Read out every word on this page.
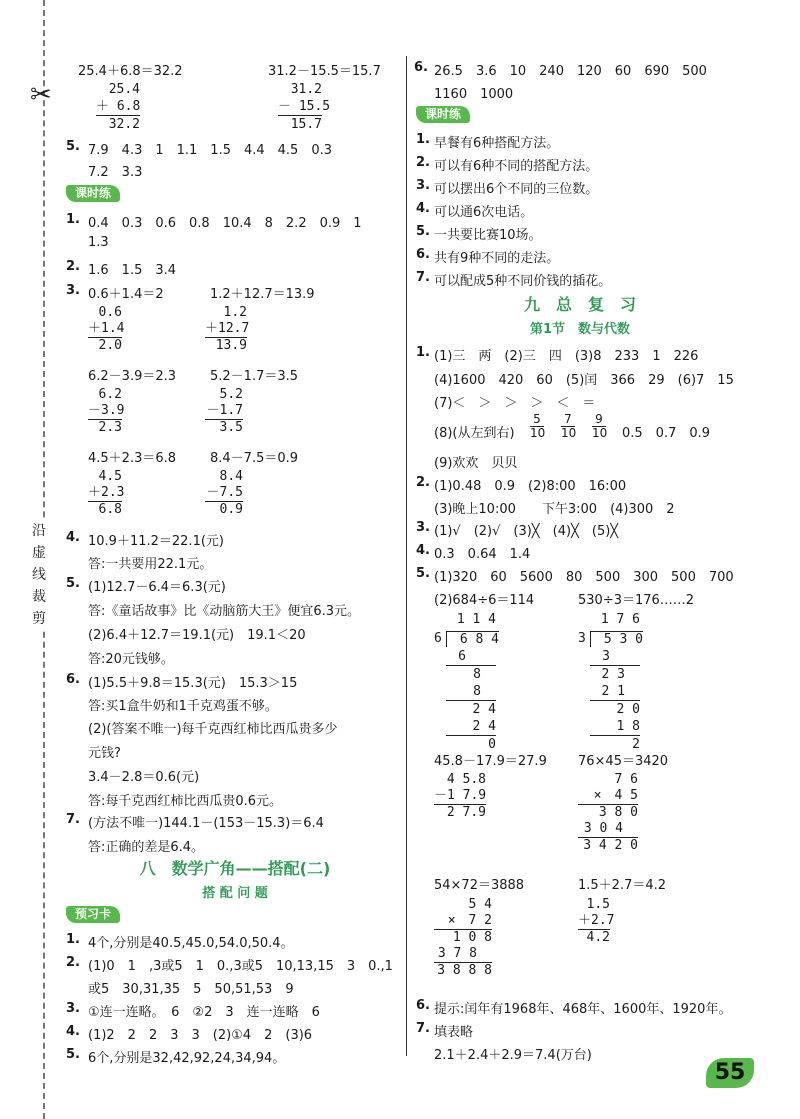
✂
沿虚线裁剪
25.4＋6.8＝32.2	31.2－15.5＝15.7
25.4
＋ 6.8
32.2
31.2
－ 15.5
15.7
5. 7.9　4.3　1　1.1　1.5　4.4　4.5　0.3
7.2　3.3
课时练
1. 0.4　0.3　0.6　0.8　10.4　8　2.2　0.9　1
1.3
2. 1.6　1.5　3.4
3. 0.6＋1.4＝2	1.2＋12.7＝13.9
0.6
＋1.4
2.0
1.2
＋12.7
13.9
6.2－3.9＝2.3	5.2－1.7＝3.5
6.2
－3.9
2.3
5.2
－1.7
3.5
4.5＋2.3＝6.8	8.4－7.5＝0.9
4.5
＋2.3
6.8
8.4
－7.5
0.9
4. 10.9＋11.2＝22.1(元)
答:一共要用22.1元。
5. (1)12.7－6.4＝6.3(元)
答:《童话故事》比《动脑筋大王》便宜6.3元。
(2)6.4＋12.7＝19.1(元)　19.1＜20
答:20元钱够。
6. (1)5.5＋9.8＝15.3(元)　15.3＞15
答:买1盒牛奶和1千克鸡蛋不够。
(2)(答案不唯一)每千克西红柿比西瓜贵多少
元钱?
3.4－2.8＝0.6(元)
答:每千克西红柿比西瓜贵0.6元。
7. (方法不唯一)144.1－(153－15.3)＝6.4
答:正确的差是6.4。
八　数学广角——搭配(二)
搭 配 问 题
预习卡
1. 4个,分别是40.5,45.0,54.0,50.4。
2. (1)0　1　,3或5　1　0.,3或5　10,13,15　3　0.,1
或5　30,31,35　5　50,51,53　9
3. ①连一连略。　6　②2　3　连一连略　6
4. (1)2　2　2　3　3　(2)①4　2　(3)6
5. 6个,分别是32,42,92,24,34,94。
6. 26.5　3.6　10　240　120　60　690　500
1160　1000
课时练
1. 早餐有6种搭配方法。
2. 可以有6种不同的搭配方法。
3. 可以摆出6个不同的三位数。
4. 可以通6次电话。
5. 一共要比赛10场。
6. 共有9种不同的走法。
7. 可以配成5种不同价钱的插花。
九　总　复　习
第1节　数与代数
1. (1)三　两　(2)三　四　(3)8　233　1　226
(4)1600　420　60　(5)闰　366　29　(6)7　15
(7)＜　＞　＞　＞　＜　＝
(8)(从左到右) $\frac{5}{10} \frac{7}{10} \frac{9}{10} 0.5$　0.7　0.9
(9)欢欢　贝贝
2. (1)0.48　0.9　(2)8:00　16:00
(3)晚上10:00　　下午3:00　(4)300　2
3. (1)√　(2)√　(3)╳　(4)╳　(5)╳
4. 0.3　0.64　1.4
5. (1)320　60　5600　80　500　300　500　700
(2)684÷6＝114	530÷3＝176……2
1 1 4
6	6 8 4
6
8
8
2 4
2 4
0
1 7 6
3	5 3 0
3
2 3
2 1
2 0
1 8
2
45.8－17.9＝27.9 76×45＝3420
4 5.8
－1 7.9
2 7.9
7 6
×　4 5
3 8 0
3 0 4
3 4 2 0
54×72＝3888	1.5＋2.7＝4.2
5 4
×　7 2
1 0 8
3 7 8
3 8 8 8
1.5
＋2.7
4.2
6. 提示:闰年有1968年、468年、1600年、1920年。
7. 填表略
2.1＋2.4＋2.9＝7.4(万台)
55
